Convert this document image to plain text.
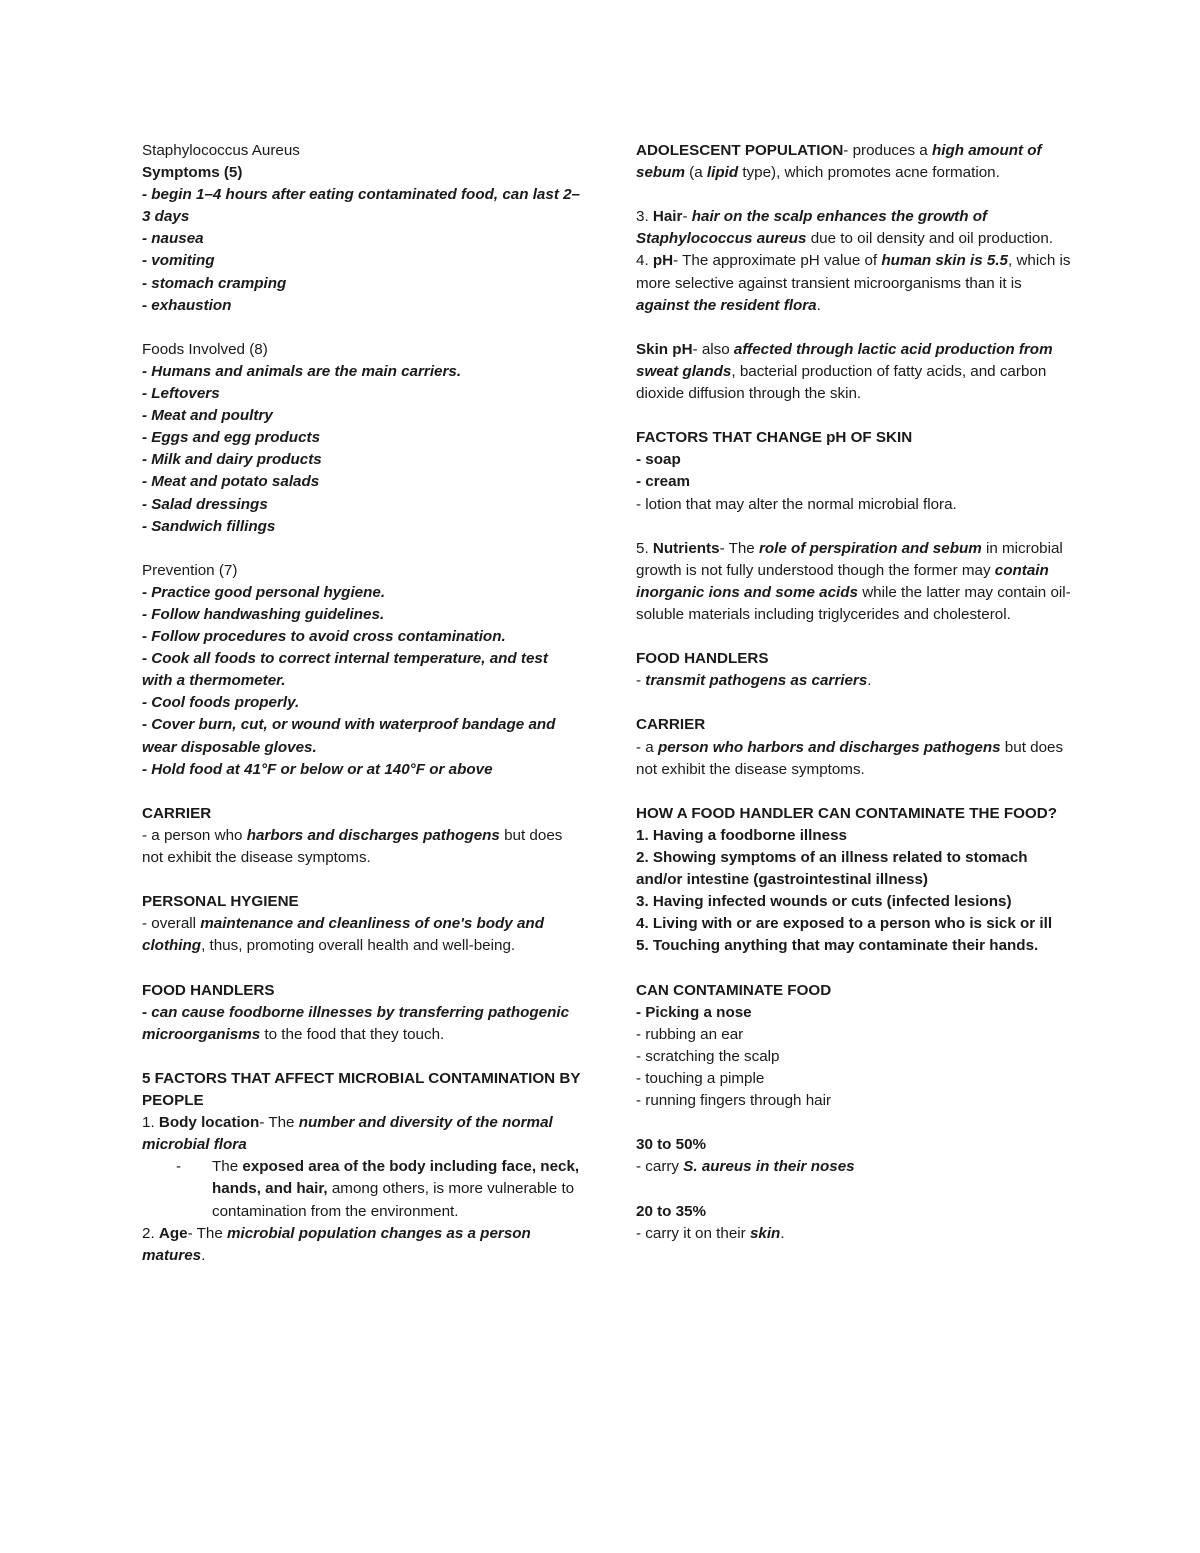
Staphylococcus Aureus
Symptoms (5)
- begin 1–4 hours after eating contaminated food, can last 2–3 days
- nausea
- vomiting
- stomach cramping
- exhaustion
Foods Involved (8)
- Humans and animals are the main carriers.
- Leftovers
- Meat and poultry
- Eggs and egg products
- Milk and dairy products
- Meat and potato salads
- Salad dressings
- Sandwich fillings
Prevention (7)
- Practice good personal hygiene.
- Follow handwashing guidelines.
- Follow procedures to avoid cross contamination.
- Cook all foods to correct internal temperature, and test with a thermometer.
- Cool foods properly.
- Cover burn, cut, or wound with waterproof bandage and wear disposable gloves.
- Hold food at 41°F or below or at 140°F or above
CARRIER
- a person who harbors and discharges pathogens but does not exhibit the disease symptoms.
PERSONAL HYGIENE
- overall maintenance and cleanliness of one's body and clothing, thus, promoting overall health and well-being.
FOOD HANDLERS
- can cause foodborne illnesses by transferring pathogenic microorganisms to the food that they touch.
5 FACTORS THAT AFFECT MICROBIAL CONTAMINATION BY PEOPLE
1. Body location- The number and diversity of the normal microbial flora
- The exposed area of the body including face, neck, hands, and hair, among others, is more vulnerable to contamination from the environment.
2. Age- The microbial population changes as a person matures.
ADOLESCENT POPULATION- produces a high amount of sebum (a lipid type), which promotes acne formation.
3. Hair- hair on the scalp enhances the growth of Staphylococcus aureus due to oil density and oil production.
4. pH- The approximate pH value of human skin is 5.5, which is more selective against transient microorganisms than it is against the resident flora.
Skin pH- also affected through lactic acid production from sweat glands, bacterial production of fatty acids, and carbon dioxide diffusion through the skin.
FACTORS THAT CHANGE pH OF SKIN
- soap
- cream
- lotion that may alter the normal microbial flora.
5. Nutrients- The role of perspiration and sebum in microbial growth is not fully understood though the former may contain inorganic ions and some acids while the latter may contain oil-soluble materials including triglycerides and cholesterol.
FOOD HANDLERS
- transmit pathogens as carriers.
CARRIER
- a person who harbors and discharges pathogens but does not exhibit the disease symptoms.
HOW A FOOD HANDLER CAN CONTAMINATE THE FOOD?
1. Having a foodborne illness
2. Showing symptoms of an illness related to stomach and/or intestine (gastrointestinal illness)
3. Having infected wounds or cuts (infected lesions)
4. Living with or are exposed to a person who is sick or ill
5. Touching anything that may contaminate their hands.
CAN CONTAMINATE FOOD
- Picking a nose
- rubbing an ear
- scratching the scalp
- touching a pimple
- running fingers through hair
30 to 50%
- carry S. aureus in their noses
20 to 35%
- carry it on their skin.
